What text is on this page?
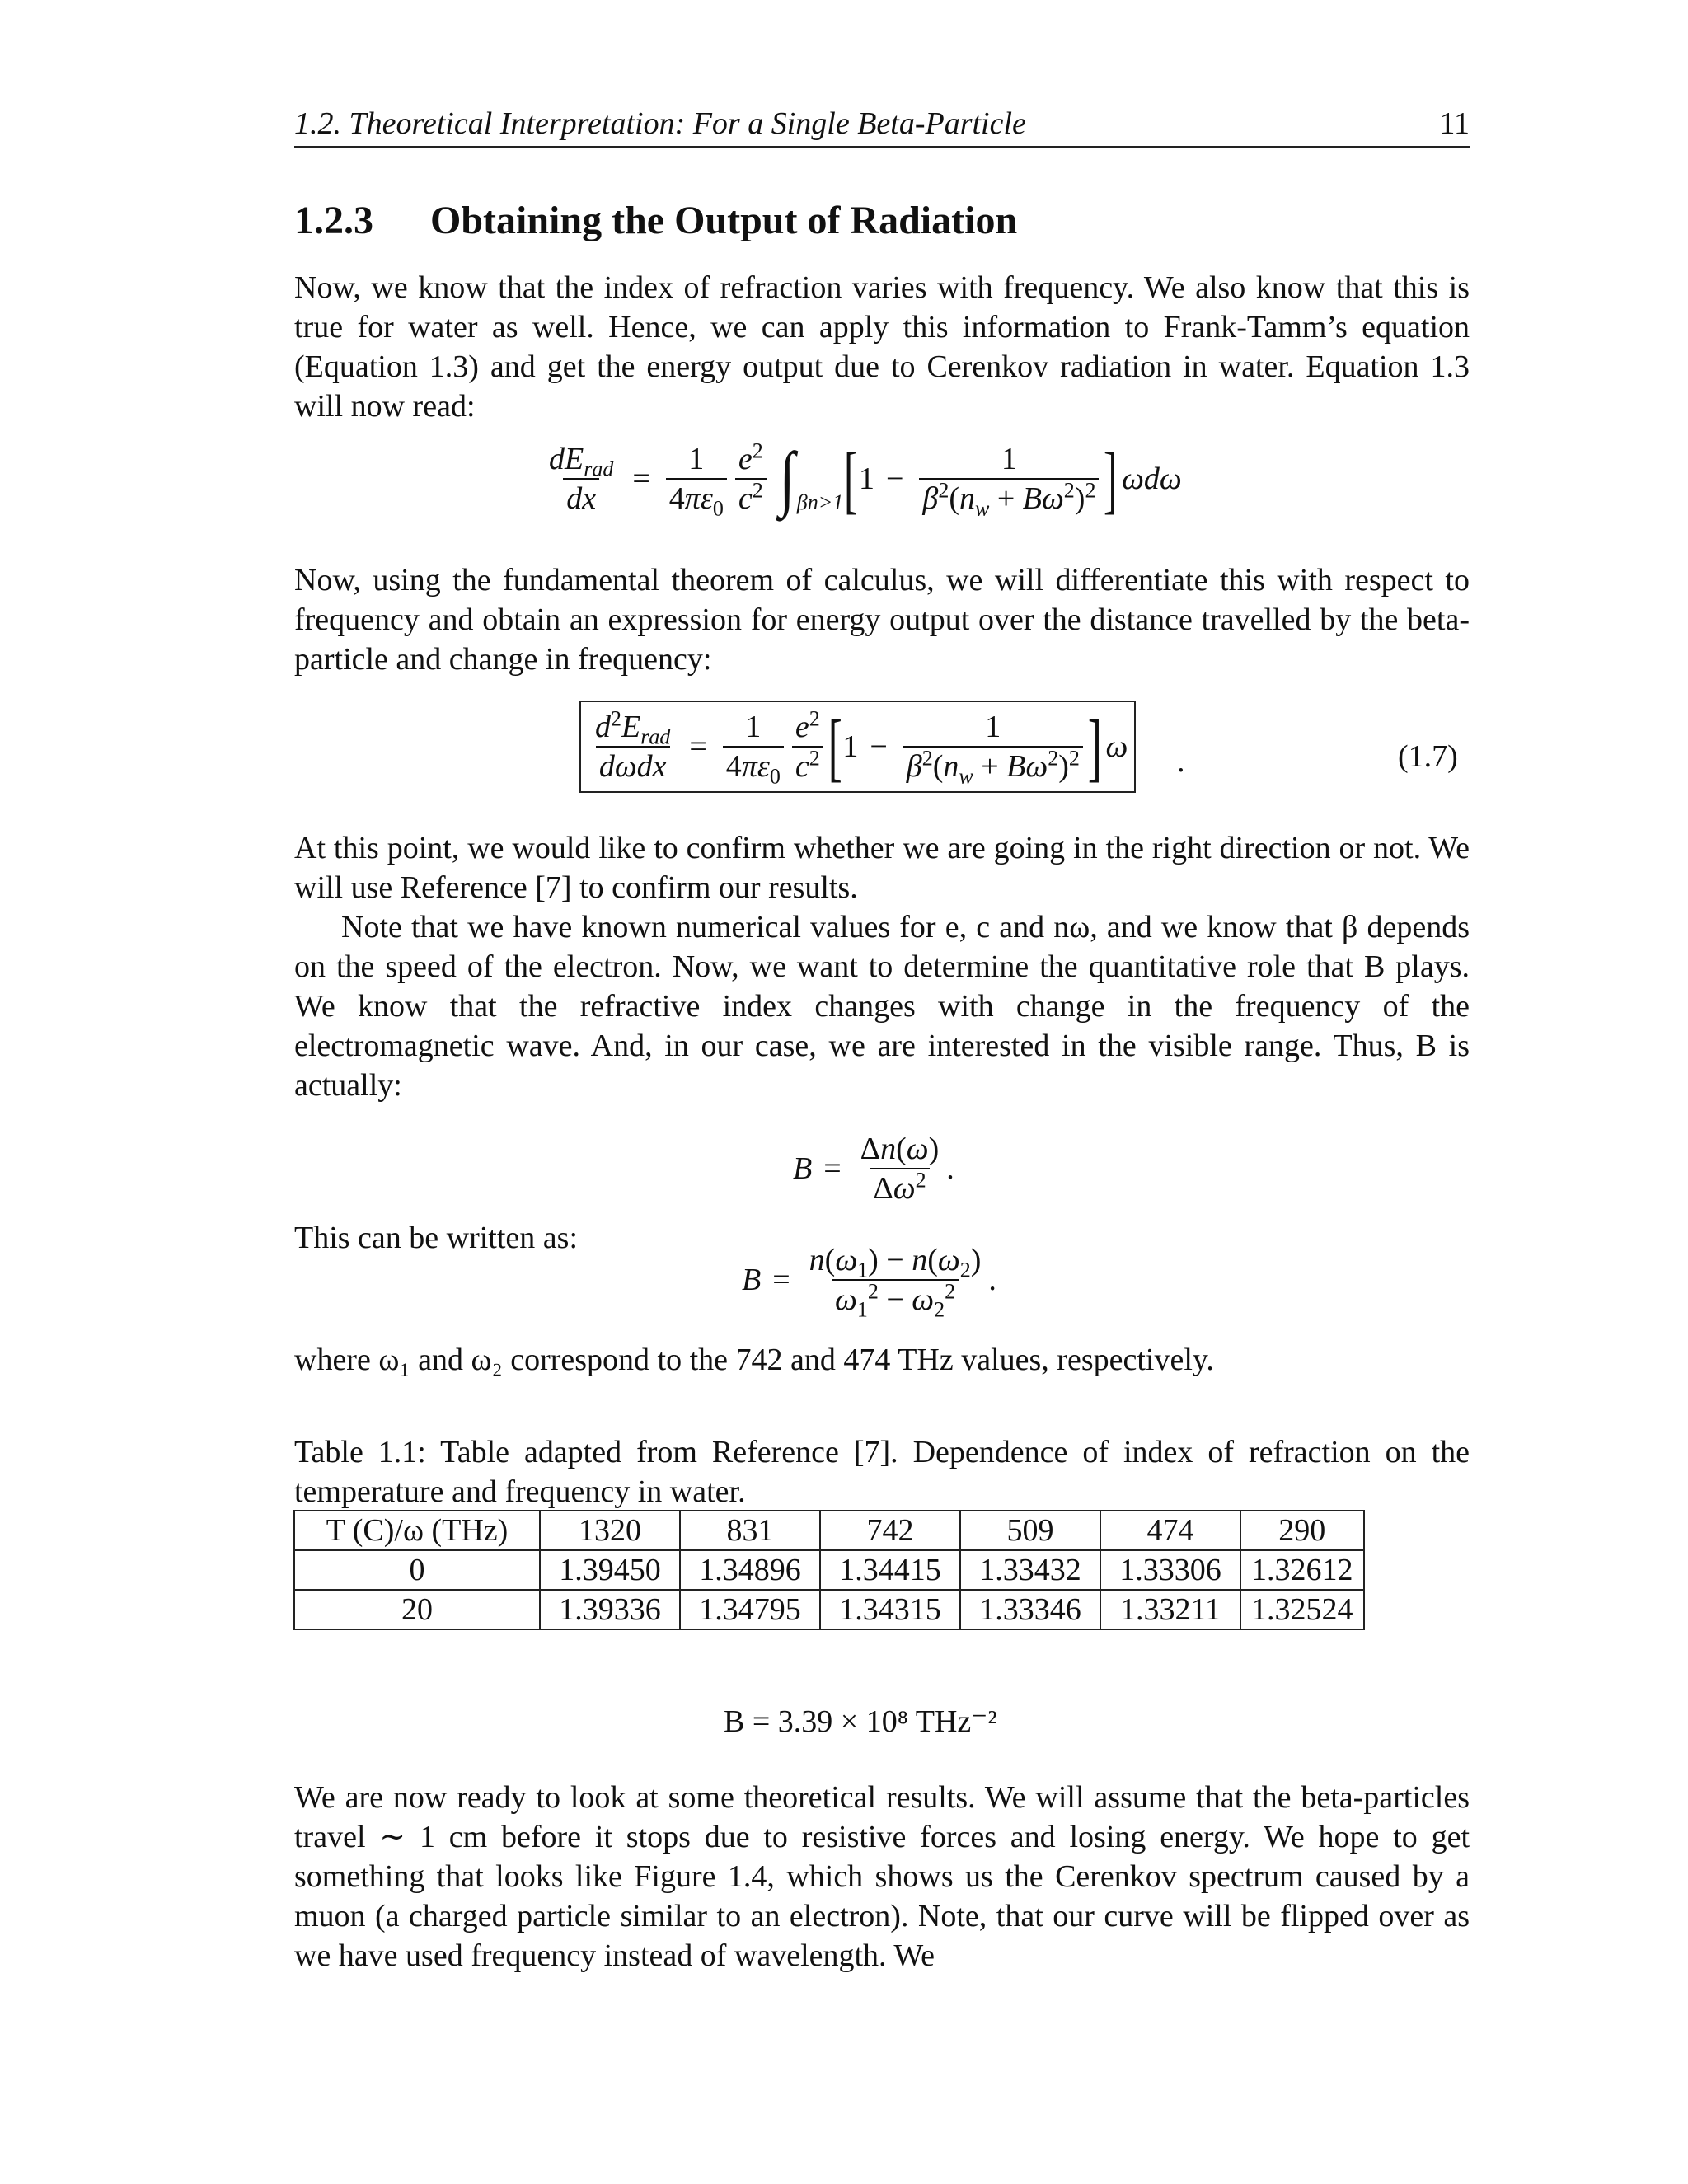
1.2. Theoretical Interpretation: For a Single Beta-Particle	11
1.2.3 Obtaining the Output of Radiation

Now, we know that the index of refraction varies with frequency. We also know that this is true for water as well. Hence, we can apply this information to Frank-Tamm’s equation (Equation 1.3) and get the energy output due to Cerenkov radiation in water. Equation 1.3 will now read:

$\frac{dE_{rad}}{dx} = \frac{1}{4\pi\varepsilon_0} \frac{e^2}{c^2}$ ∫ βn>1 [ $1 - \frac{1}{\beta^2(n_w + B\omega^2)^2}$ ] ωdω

Now, using the fundamental theorem of calculus, we will differentiate this with respect to frequency and obtain an expression for energy output over the distance travelled by the beta-particle and change in frequency:

$\frac{d^2E_{rad}}{\text{dωdx}} = \frac{1}{4\pi\varepsilon_0} \frac{e^2}{c^2}$ [ $1 - \frac{1}{\beta^2(n_w + B\omega^2)^2}$ ] ω .	(1.7)

At this point, we would like to confirm whether we are going in the right direction or not. We will use Reference [7] to confirm our results.

Note that we have known numerical values for e, c and nω, and we know that β depends on the speed of the electron. Now, we want to determine the quantitative role that B plays. We know that the refractive index changes with change in the frequency of the electromagnetic wave. And, in our case, we are interested in the visible range. Thus, B is actually:

$B = \frac{\Delta n(\omega)}{\Delta\omega^2}$ .
This can be written as:
$B = \frac{n(\omega_1) - n(\omega_2)}{\omega_1^2 - \omega_2^2}$ .
where ω₁ and ω₂ correspond to the 742 and 474 THz values, respectively.

Table 1.1: Table adapted from Reference [7]. Dependence of index of refraction on the temperature and frequency in water.

T (C)/ω (THz)	1320	831	742	509	474	290
0	1.39450	1.34896	1.34415	1.33432	1.33306	1.32612
20	1.39336	1.34795	1.34315	1.33346	1.33211	1.32524
B = 3.39 × 10⁸ THz⁻²

We are now ready to look at some theoretical results. We will assume that the beta-particles travel ∼ 1 cm before it stops due to resistive forces and losing energy. We hope to get something that looks like Figure 1.4, which shows us the Cerenkov spectrum caused by a muon (a charged particle similar to an electron). Note, that our curve will be flipped over as we have used frequency instead of wavelength. We
